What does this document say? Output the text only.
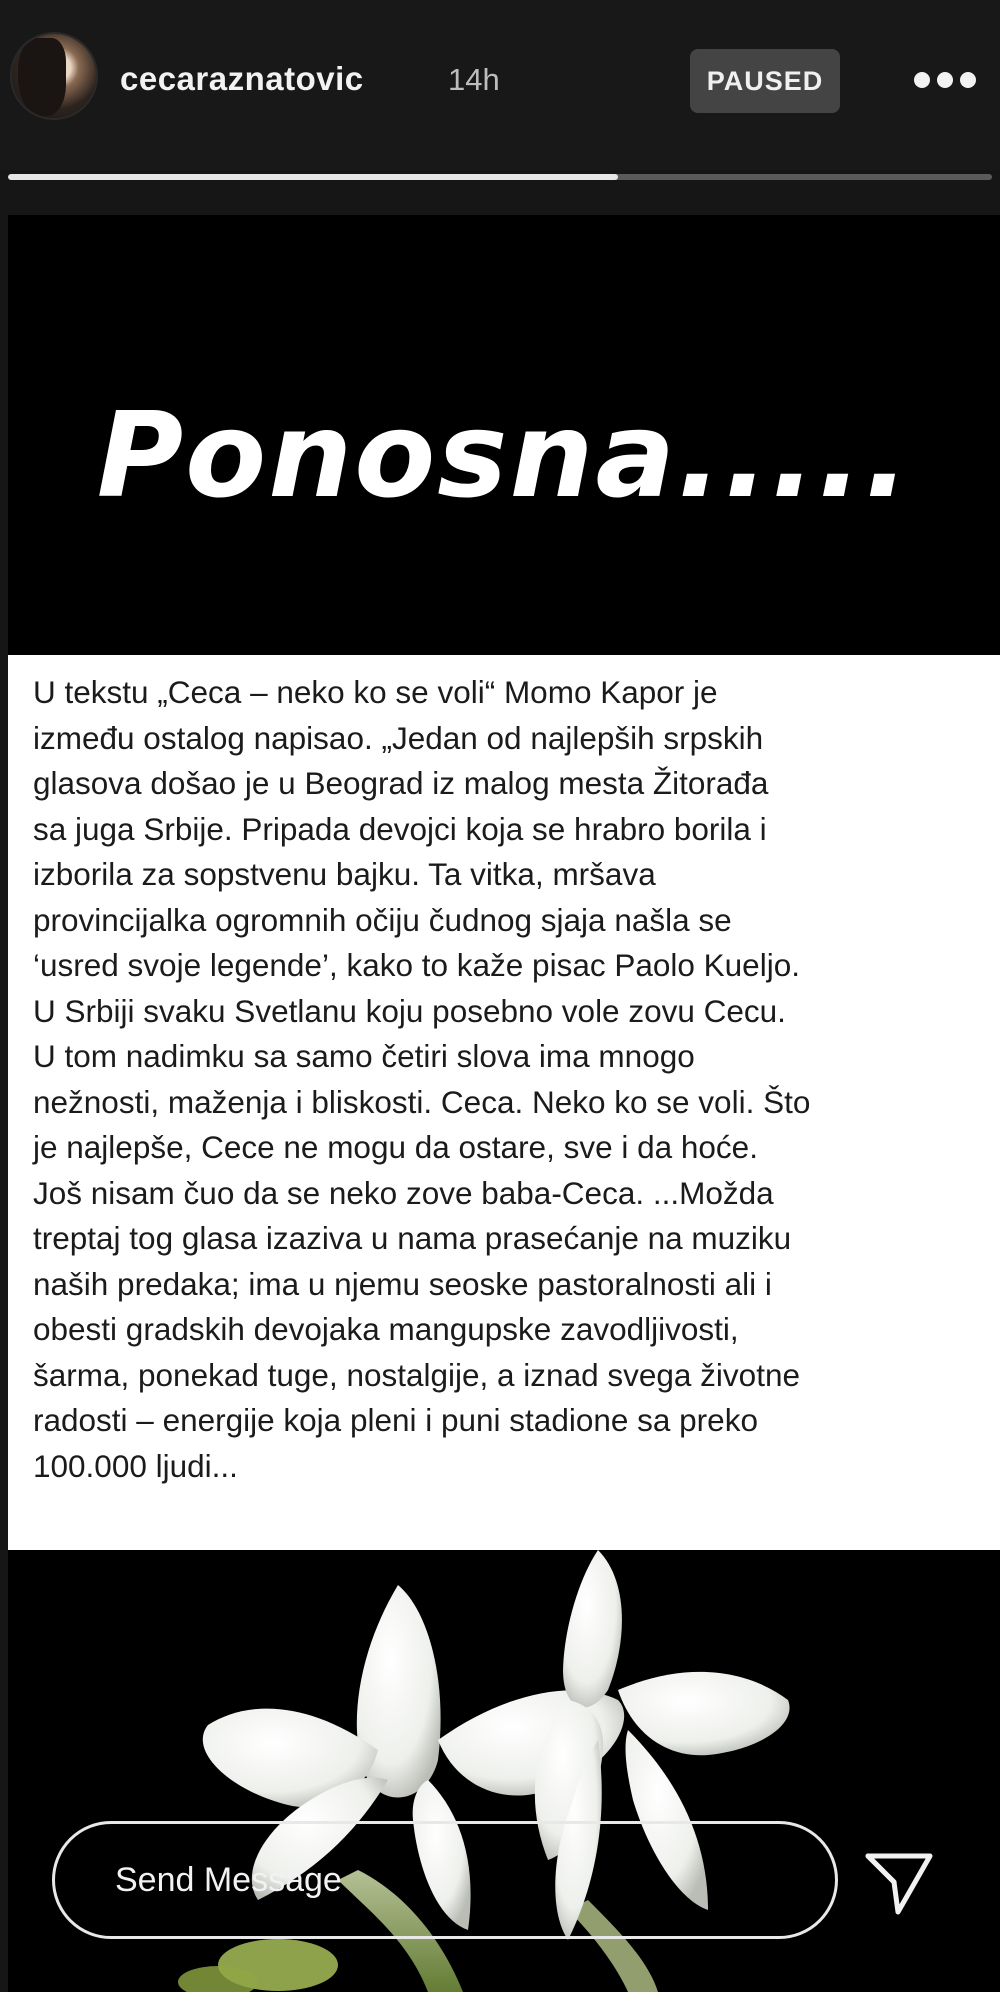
cecaraznatovic	14h	PAUSED
Ponosna.....

U tekstu „Ceca – neko ko se voli“ Momo Kapor je
između ostalog napisao. „Jedan od najlepših srpskih
glasova došao je u Beograd iz malog mesta Žitorađa
sa juga Srbije. Pripada devojci koja se hrabro borila i
izborila za sopstvenu bajku. Ta vitka, mršava
provincijalka ogromnih očiju čudnog sjaja našla se
‘usred svoje legende’, kako to kaže pisac Paolo Kueljo.
U Srbiji svaku Svetlanu koju posebno vole zovu Cecu.
U tom nadimku sa samo četiri slova ima mnogo
nežnosti, maženja i bliskosti. Ceca. Neko ko se voli. Što
je najlepše, Cece ne mogu da ostare, sve i da hoće.
Još nisam čuo da se neko zove baba-Ceca. ...Možda
treptaj tog glasa izaziva u nama prasećanje na muziku
naših predaka; ima u njemu seoske pastoralnosti ali i
obesti gradskih devojaka mangupske zavodljivosti,
šarma, ponekad tuge, nostalgije, a iznad svega životne
radosti – energije koja pleni i puni stadione sa preko
100.000 ljudi...

Send Message
